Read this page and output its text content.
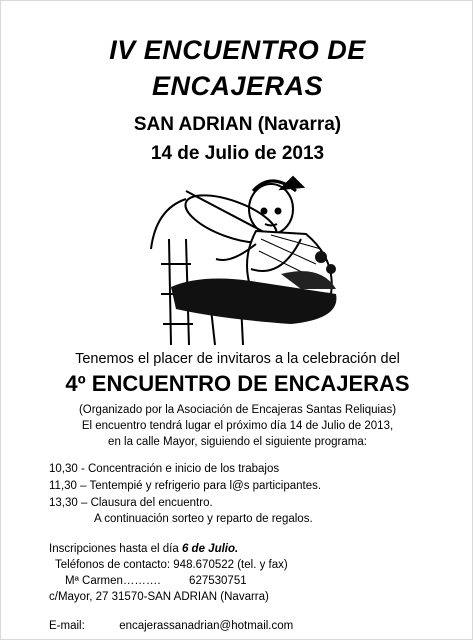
IV ENCUENTRO DE
ENCAJERAS
SAN ADRIAN (Navarra)
14 de Julio de 2013
Tenemos el placer de invitaros a la celebración del
4º ENCUENTRO DE ENCAJERAS
(Organizado por la Asociación de Encajeras Santas Reliquias)
El encuentro tendrá lugar el próximo día 14 de Julio de 2013,
en la calle Mayor, siguiendo el siguiente programa:
10,30 - Concentración e inicio de los trabajos
11,30 – Tentempié y refrigerio para l@s participantes.
13,30 – Clausura del encuentro.
A continuación sorteo y reparto de regalos.
Inscripciones hasta el día 6 de Julio.
Teléfonos de contacto: 948.670522 (tel. y fax)
Mª Carmen………. 627530751
c/Mayor, 27 31570-SAN ADRIAN (Navarra)
E-mail:	encajerassanadrian@hotmail.com
